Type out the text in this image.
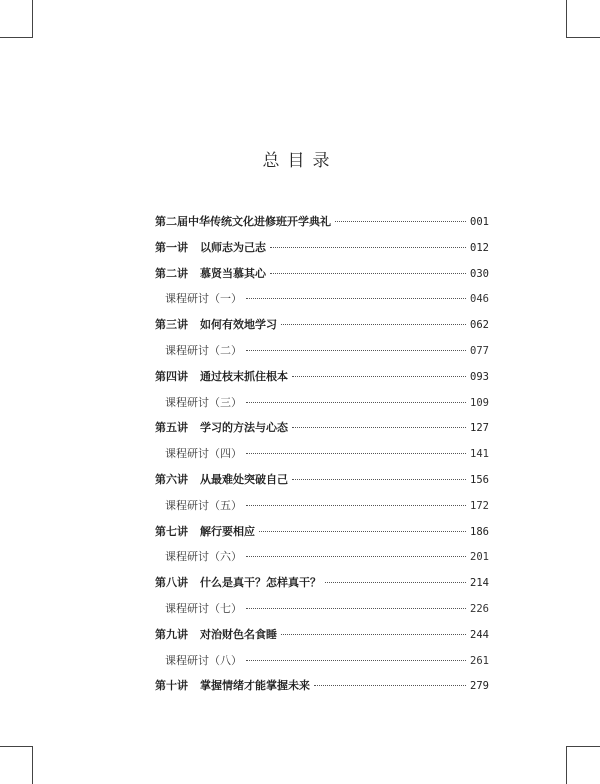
总目录
第二届中华传统文化进修班开学典礼	001
第一讲 以师志为己志	012
第二讲 慕贤当慕其心	030
课程研讨（一）	046
第三讲 如何有效地学习	062
课程研讨（二）	077
第四讲 通过枝末抓住根本	093
课程研讨（三）	109
第五讲 学习的方法与心态	127
课程研讨（四）	141
第六讲 从最难处突破自己	156
课程研讨（五）	172
第七讲 解行要相应	186
课程研讨（六）	201
第八讲 什么是真干？怎样真干？	214
课程研讨（七）	226
第九讲 对治财色名食睡	244
课程研讨（八）	261
第十讲 掌握情绪才能掌握未来	279
